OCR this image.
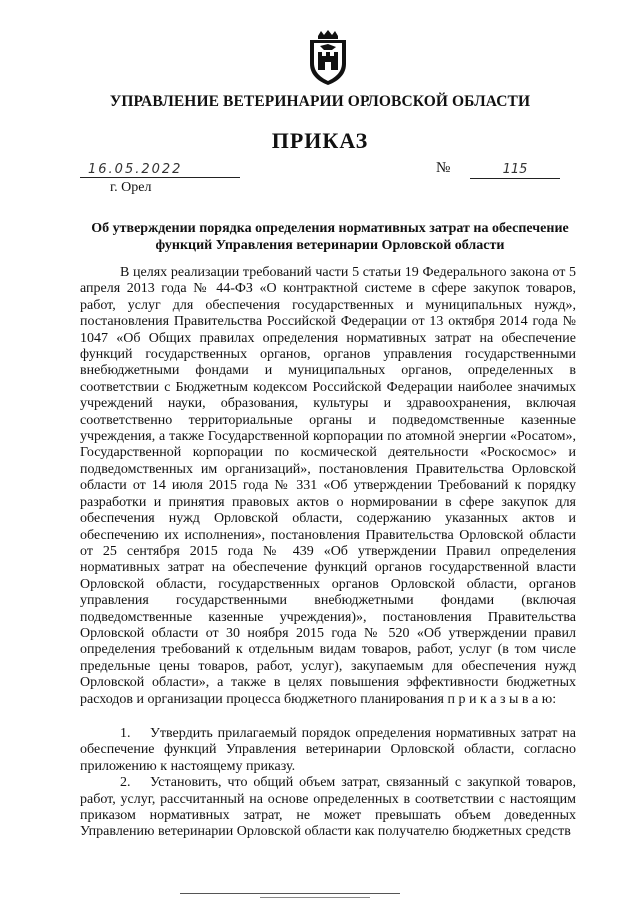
УПРАВЛЕНИЕ ВЕТЕРИНАРИИ ОРЛОВСКОЙ ОБЛАСТИ
ПРИКАЗ
16.05.2022	№	115
г. Орел
Об утверждении порядка определения нормативных затрат на обеспечение
функций Управления ветеринарии Орловской области

В целях реализации требований части 5 статьи 19 Федерального закона от 5 апреля 2013 года № 44-ФЗ «О контрактной системе в сфере закупок товаров, работ, услуг для обеспечения государственных и муниципальных нужд», постановления Правительства Российской Федерации от 13 октября 2014 года № 1047 «Об Общих правилах определения нормативных затрат на обеспечение функций государственных органов, органов управления государственными внебюджетными фондами и муниципальных органов, определенных в соответствии с Бюджетным кодексом Российской Федерации наиболее значимых учреждений науки, образования, культуры и здравоохранения, включая соответственно территориальные органы и подведомственные казенные учреждения, а также Государственной корпорации по атомной энергии «Росатом», Государственной корпорации по космической деятельности «Роскосмос» и подведомственных им организаций», постановления Правительства Орловской области от 14 июля 2015 года № 331 «Об утверждении Требований к порядку разработки и принятия правовых актов о нормировании в сфере закупок для обеспечения нужд Орловской области, содержанию указанных актов и обеспечению их исполнения», постановления Правительства Орловской области от 25 сентября 2015 года № 439 «Об утверждении Правил определения нормативных затрат на обеспечение функций органов государственной власти Орловской области, государственных органов Орловской области, органов управления государственными внебюджетными фондами (включая подведомственные казенные учреждения)», постановления Правительства Орловской области от 30 ноября 2015 года № 520 «Об утверждении правил определения требований к отдельным видам товаров, работ, услуг (в том числе предельные цены товаров, работ, услуг), закупаемым для обеспечения нужд Орловской области», а также в целях повышения эффективности бюджетных расходов и организации процесса бюджетного планирования п р и к а з ы в а ю:

1. Утвердить прилагаемый порядок определения нормативных затрат на обеспечение функций Управления ветеринарии Орловской области, согласно приложению к настоящему приказу.

2. Установить, что общий объем затрат, связанный с закупкой товаров, работ, услуг, рассчитанный на основе определенных в соответствии с настоящим приказом нормативных затрат, не может превышать объем доведенных Управлению ветеринарии Орловской области как получателю бюджетных средств
